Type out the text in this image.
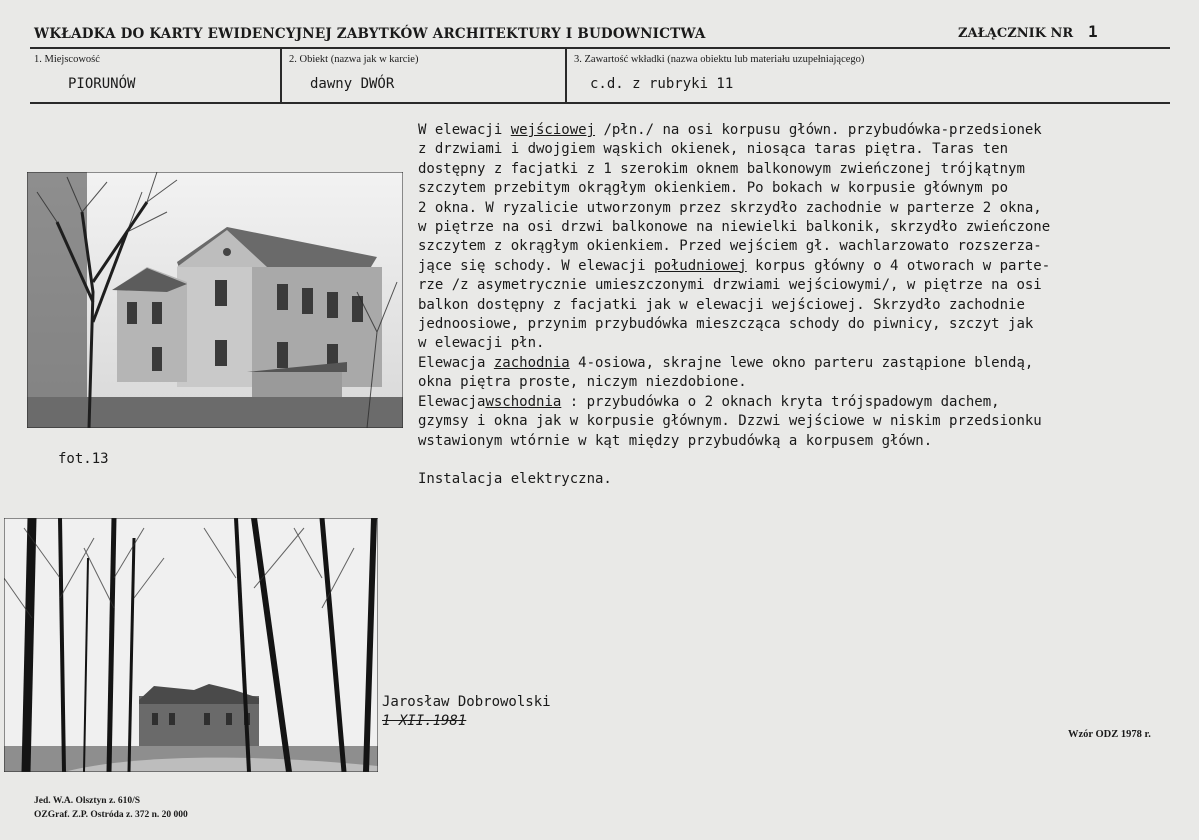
WKŁADKA DO KARTY EWIDENCYJNEJ ZABYTKÓW ARCHITEKTURY I BUDOWNICTWA	ZAŁĄCZNIK NR 1
1. Miejscowość	2. Obiekt (nazwa jak w karcie)	3. Zawartość wkładki (nazwa obiektu lub materiału uzupełniającego)
PIORUNÓW	dawny DWÓR	c.d. z rubryki 11

fot.13

W elewacji wejściowej /płn./ na osi korpusu główn. przybudówka-przedsionek
z drzwiami i dwojgiem wąskich okienek, niosąca taras piętra. Taras ten
dostępny z facjatki z 1 szerokim oknem balkonowym zwieńczonej trójkątnym
szczytem przebitym okrągłym okienkiem. Po bokach w korpusie głównym po
2 okna. W ryzalicie utworzonym przez skrzydło zachodnie w parterze 2 okna,
w piętrze na osi drzwi balkonowe na niewielki balkonik, skrzydło zwieńczone
szczytem z okrągłym okienkiem. Przed wejściem gł. wachlarzowato rozszerza-
jące się schody. W elewacji południowej korpus główny o 4 otworach w parte-
rze /z asymetrycznie umieszczonymi drzwiami wejściowymi/, w piętrze na osi
balkon dostępny z facjatki jak w elewacji wejściowej. Skrzydło zachodnie
jednoosiowe, przynim przybudówka mieszcząca schody do piwnicy, szczyt jak
w elewacji płn.
Elewacja zachodnia 4-osiowa, skrajne lewe okno parteru zastąpione blendą,
okna piętra proste, niczym niezdobione.
Elewacjawschodnia : przybudówka o 2 oknach kryta trójspadowym dachem,
gzymsy i okna jak w korpusie głównym. Dzzwi wejściowe w niskim przedsionku
wstawionym wtórnie w kąt między przybudówką a korpusem główn.

Instalacja elektryczna.
Jarosław Dobrowolski
1 XII.1981
Wzór ODZ 1978 r.
Jed. W.A. Olsztyn z. 610/S
OZGraf. Z.P. Ostróda z. 372 n. 20 000
